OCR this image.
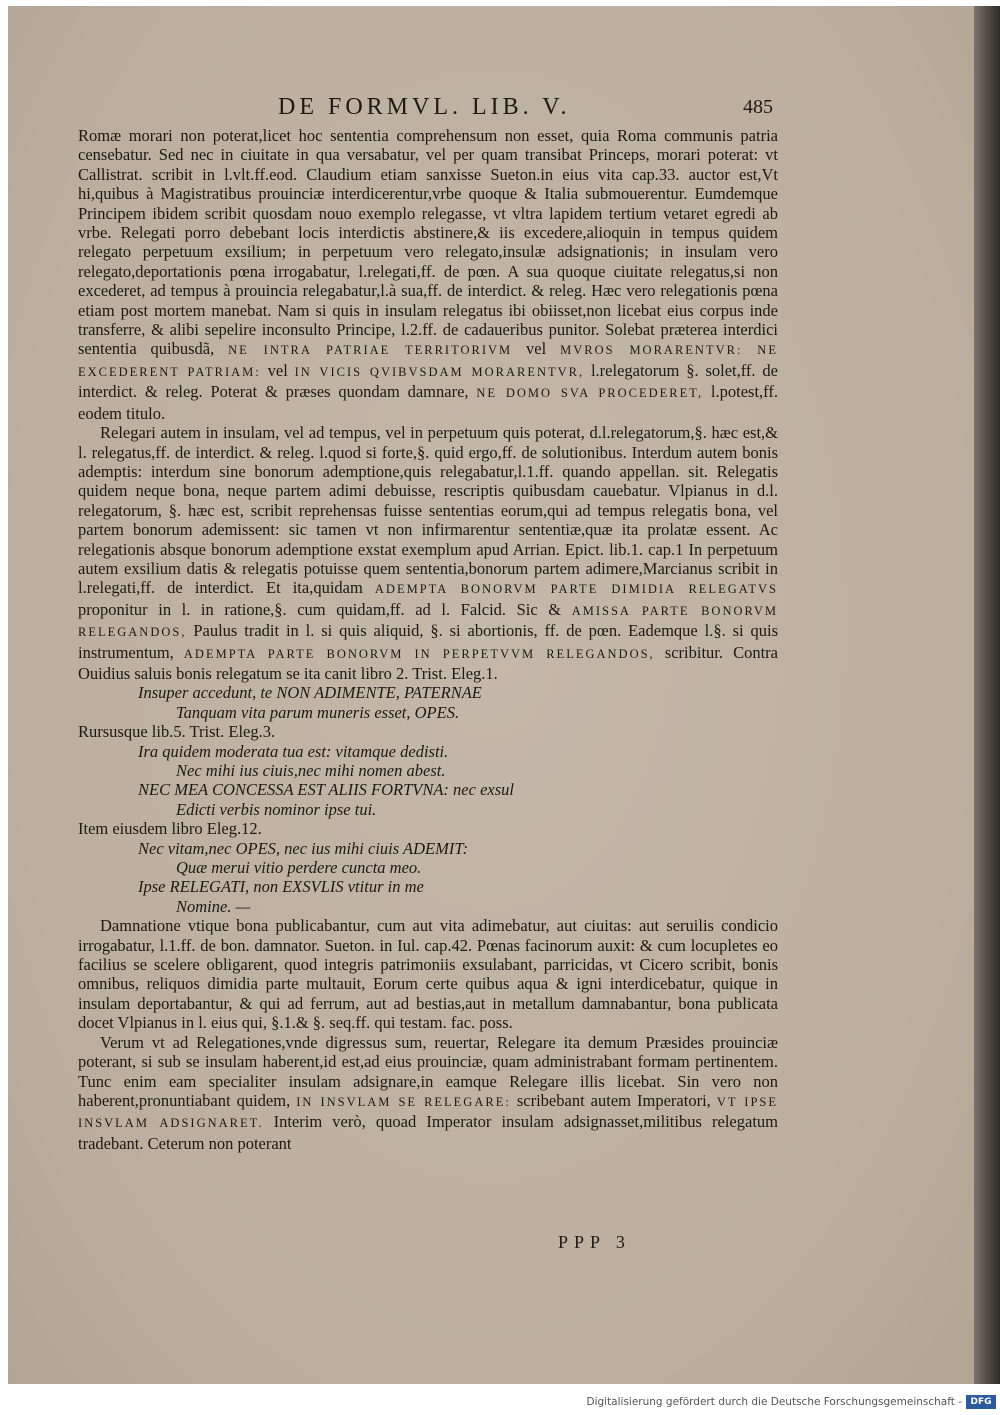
DE FORMVL. LIB. V.	485

Romæ morari non poterat,licet hoc sententia comprehensum non esset, quia Roma communis patria censebatur. Sed nec in ciuitate in qua versabatur, vel per quam transibat Princeps, morari poterat: vt Callistrat. scribit in l.vlt.ff.eod. Claudium etiam sanxisse Sueton.in eius vita cap.33. auctor est,Vt hi,quibus à Magistratibus prouinciæ interdicerentur,vrbe quoque & Italia submouerentur. Eumdemque Principem ibidem scribit quosdam nouo exemplo relegasse, vt vltra lapidem tertium vetaret egredi ab vrbe. Relegati porro debebant locis interdictis abstinere,& iis excedere,alioquin in tempus quidem relegato perpetuum exsilium; in perpetuum vero relegato,insulæ adsignationis; in insulam vero relegato,deportationis pœna irrogabatur, l.relegati,ff. de pœn. A sua quoque ciuitate relegatus,si non excederet, ad tempus à prouincia relegabatur,l.à sua,ff. de interdict. & releg. Hæc vero relegationis pœna etiam post mortem manebat. Nam si quis in insulam relegatus ibi obiisset,non licebat eius corpus inde transferre, & alibi sepelire inconsulto Principe, l.2.ff. de cadaueribus punitor. Solebat præterea interdici sententia quibusdã, NE INTRA PATRIAE TERRITORIVM vel MVROS MORARENTVR: NE EXCEDERENT PATRIAM: vel IN VICIS QVIBVSDAM MORARENTVR, l.relegatorum §. solet,ff. de interdict. & releg. Poterat & præses quondam damnare, NE DOMO SVA PROCEDERET, l.potest,ff. eodem titulo.

Relegari autem in insulam, vel ad tempus, vel in perpetuum quis poterat, d.l.relegatorum,§. hæc est,& l. relegatus,ff. de interdict. & releg. l.quod si forte,§. quid ergo,ff. de solutionibus. Interdum autem bonis ademptis: interdum sine bonorum ademptione,quis relegabatur,l.1.ff. quando appellan. sit. Relegatis quidem neque bona, neque partem adimi debuisse, rescriptis quibusdam cauebatur. Vlpianus in d.l. relegatorum, §. hæc est, scribit reprehensas fuisse sententias eorum,qui ad tempus relegatis bona, vel partem bonorum ademissent: sic tamen vt non infirmarentur sententiæ,quæ ita prolatæ essent. Ac relegationis absque bonorum ademptione exstat exemplum apud Arrian. Epict. lib.1. cap.1 In perpetuum autem exsilium datis & relegatis potuisse quem sententia,bonorum partem adimere,Marcianus scribit in l.relegati,ff. de interdict. Et ita,quidam ADEMPTA BONORVM PARTE DIMIDIA RELEGATVS proponitur in l. in ratione,§. cum quidam,ff. ad l. Falcid. Sic & AMISSA PARTE BONORVM RELEGANDOS, Paulus tradit in l. si quis aliquid, §. si abortionis, ff. de pœn. Eademque l.§. si quis instrumentum, ADEMPTA PARTE BONORVM IN PERPETVVM RELEGANDOS, scribitur. Contra Ouidius saluis bonis relegatum se ita canit libro 2. Trist. Eleg.1.

Insuper accedunt, te NON ADIMENTE, PATERNAE

Tanquam vita parum muneris esset, OPES.

Rursusque lib.5. Trist. Eleg.3.

Ira quidem moderata tua est: vitamque dedisti.

Nec mihi ius ciuis,nec mihi nomen abest.

NEC MEA CONCESSA EST ALIIS FORTVNA: nec exsul

Edicti verbis nominor ipse tui.

Item eiusdem libro Eleg.12.

Nec vitam,nec OPES, nec ius mihi ciuis ADEMIT:

Quæ merui vitio perdere cuncta meo.

Ipse RELEGATI, non EXSVLIS vtitur in me

Nomine. —

Damnatione vtique bona publicabantur, cum aut vita adimebatur, aut ciuitas: aut seruilis condicio irrogabatur, l.1.ff. de bon. damnator. Sueton. in Iul. cap.42. Pœnas facinorum auxit: & cum locupletes eo facilius se scelere obligarent, quod integris patrimoniis exsulabant, parricidas, vt Cicero scribit, bonis omnibus, reliquos dimidia parte multauit, Eorum certe quibus aqua & igni interdicebatur, quique in insulam deportabantur, & qui ad ferrum, aut ad bestias,aut in metallum damnabantur, bona publicata docet Vlpianus in l. eius qui, §.1.& §. seq.ff. qui testam. fac. poss.

Verum vt ad Relegationes,vnde digressus sum, reuertar, Relegare ita demum Præsides prouinciæ poterant, si sub se insulam haberent,id est,ad eius prouinciæ, quam administrabant formam pertinentem. Tunc enim eam specialiter insulam adsignare,in eamque Relegare illis licebat. Sin vero non haberent,pronuntiabant quidem, IN INSVLAM SE RELEGARE: scribebant autem Imperatori, VT IPSE INSVLAM ADSIGNARET. Interim verò, quoad Imperator insulam adsignasset,militibus relegatum tradebant. Ceterum non poterant

PPP 3
Digitalisierung gefördert durch die Deutsche Forschungsgemeinschaft - DFG
